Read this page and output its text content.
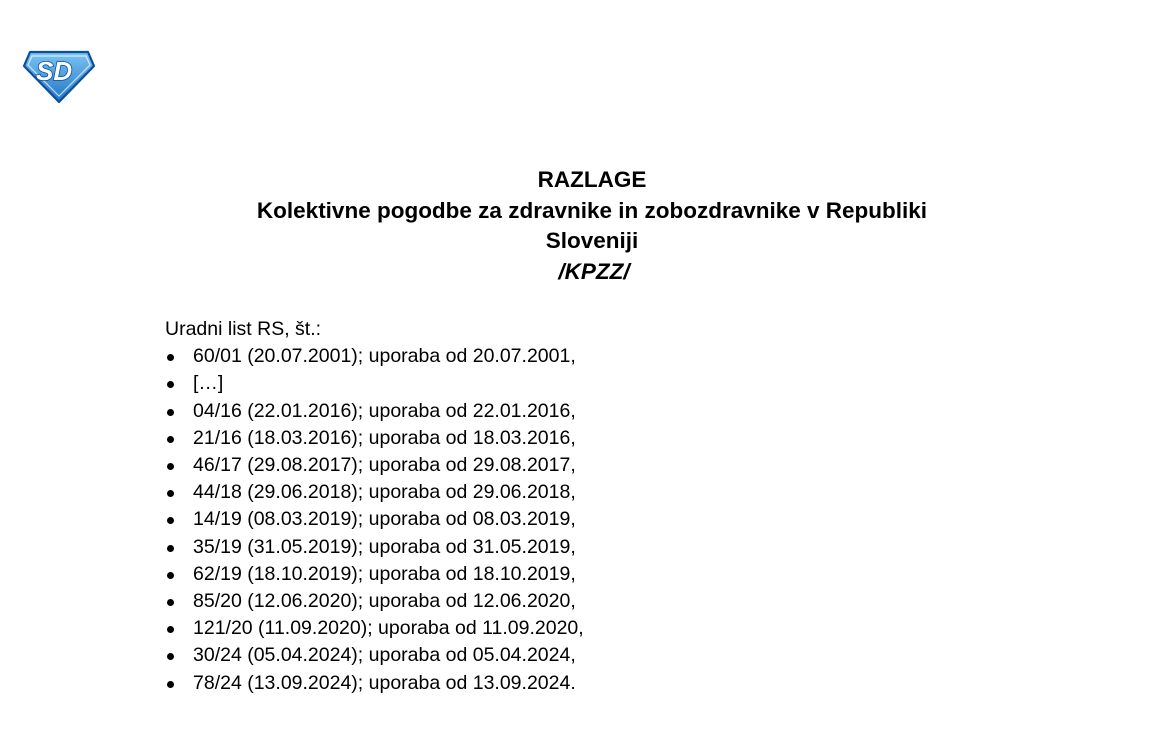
SD
RAZLAGE
Kolektivne pogodbe za zdravnike in zobozdravnike v Republiki
Sloveniji
/KPZZ/
Uradni list RS, št.:
60/01 (20.07.2001); uporaba od 20.07.2001,
[…]
04/16 (22.01.2016); uporaba od 22.01.2016,
21/16 (18.03.2016); uporaba od 18.03.2016,
46/17 (29.08.2017); uporaba od 29.08.2017,
44/18 (29.06.2018); uporaba od 29.06.2018,
14/19 (08.03.2019); uporaba od 08.03.2019,
35/19 (31.05.2019); uporaba od 31.05.2019,
62/19 (18.10.2019); uporaba od 18.10.2019,
85/20 (12.06.2020); uporaba od 12.06.2020,
121/20 (11.09.2020); uporaba od 11.09.2020,
30/24 (05.04.2024); uporaba od 05.04.2024,
78/24 (13.09.2024); uporaba od 13.09.2024.
